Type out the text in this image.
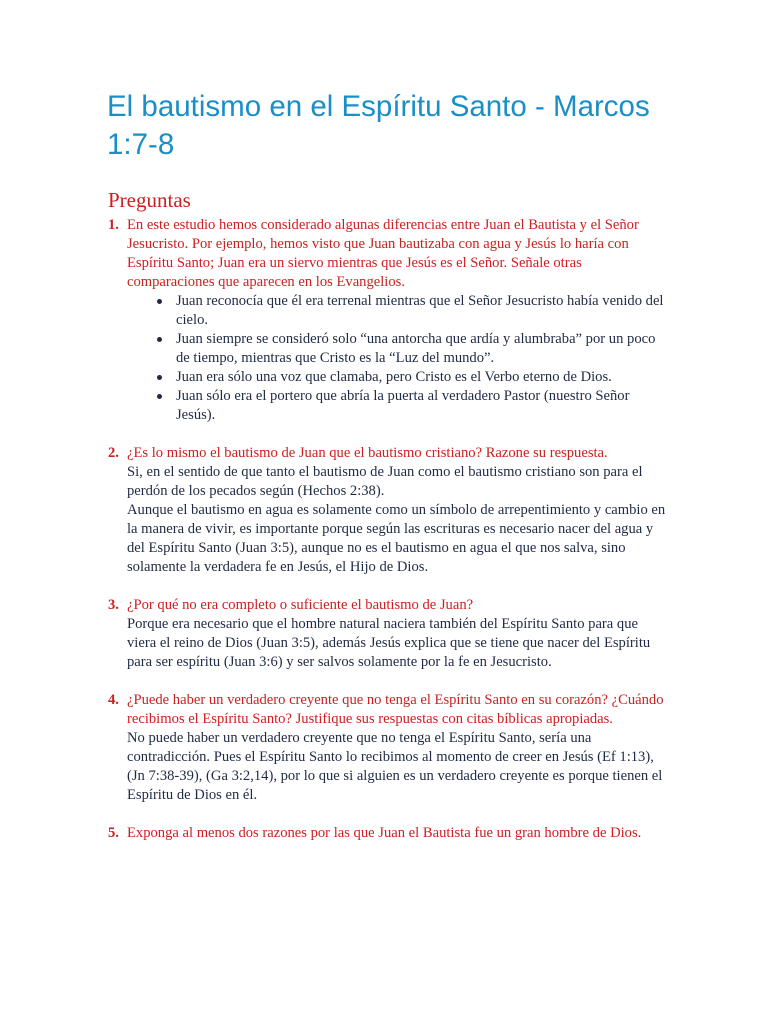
El bautismo en el Espíritu Santo - Marcos 1:7-8
Preguntas
1. En este estudio hemos considerado algunas diferencias entre Juan el Bautista y el Señor Jesucristo. Por ejemplo, hemos visto que Juan bautizaba con agua y Jesús lo haría con Espíritu Santo; Juan era un siervo mientras que Jesús es el Señor. Señale otras comparaciones que aparecen en los Evangelios.
Juan reconocía que él era terrenal mientras que el Señor Jesucristo había venido del cielo.
Juan siempre se consideró solo “una antorcha que ardía y alumbraba” por un poco de tiempo, mientras que Cristo es la “Luz del mundo”.
Juan era sólo una voz que clamaba, pero Cristo es el Verbo eterno de Dios.
Juan sólo era el portero que abría la puerta al verdadero Pastor (nuestro Señor Jesús).
2. ¿Es lo mismo el bautismo de Juan que el bautismo cristiano? Razone su respuesta.
Si, en el sentido de que tanto el bautismo de Juan como el bautismo cristiano son para el perdón de los pecados según (Hechos 2:38).
Aunque el bautismo en agua es solamente como un símbolo de arrepentimiento y cambio en la manera de vivir, es importante porque según las escrituras es necesario nacer del agua y del Espíritu Santo (Juan 3:5), aunque no es el bautismo en agua el que nos salva, sino solamente la verdadera fe en Jesús, el Hijo de Dios.
3. ¿Por qué no era completo o suficiente el bautismo de Juan?
Porque era necesario que el hombre natural naciera también del Espíritu Santo para que viera el reino de Dios (Juan 3:5), además Jesús explica que se tiene que nacer del Espíritu para ser espíritu (Juan 3:6) y ser salvos solamente por la fe en Jesucristo.
4. ¿Puede haber un verdadero creyente que no tenga el Espíritu Santo en su corazón? ¿Cuándo recibimos el Espíritu Santo? Justifique sus respuestas con citas bíblicas apropiadas.
No puede haber un verdadero creyente que no tenga el Espíritu Santo, sería una contradicción. Pues el Espíritu Santo lo recibimos al momento de creer en Jesús (Ef 1:13), (Jn 7:38-39), (Ga 3:2,14), por lo que si alguien es un verdadero creyente es porque tienen el Espíritu de Dios en él.
5. Exponga al menos dos razones por las que Juan el Bautista fue un gran hombre de Dios.
